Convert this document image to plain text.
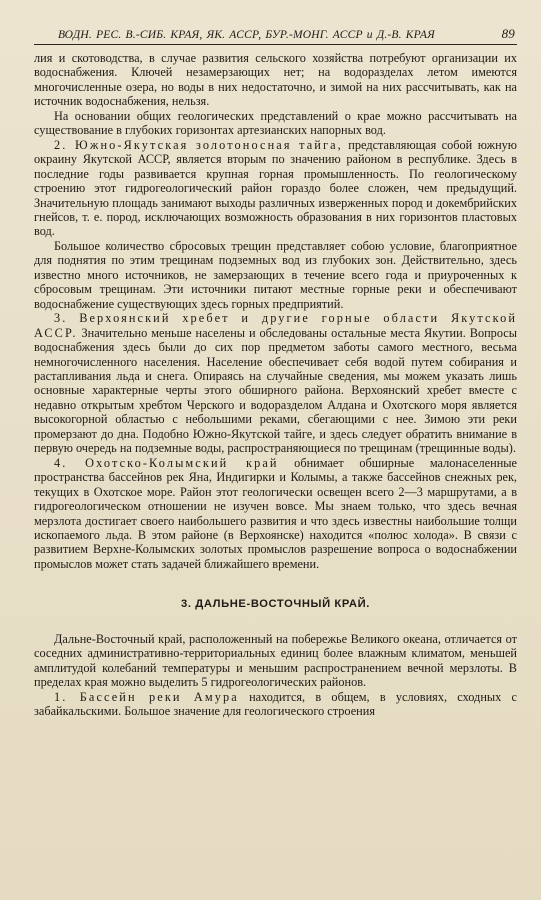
ВОДН. РЕС. В.-СИБ. КРАЯ, ЯК. АССР, БУР.-МОНГ. АССР и Д.-В. КРАЯ	89

лия и скотоводства, в случае развития сельского хозяйства потребуют организации их водоснабжения. Ключей незамерзающих нет; на водоразделах летом имеются многочисленные озера, но воды в них недостаточно, и зимой на них рассчитывать, как на источник водоснабжения, нельзя.

На основании общих геологических представлений о крае можно рассчитывать на существование в глубоких горизонтах артезианских напорных вод.

2. Южно-Якутская золотоносная тайга, представляющая собой южную окраину Якутской АССР, является вторым по значению районом в республике. Здесь в последние годы развивается крупная горная промышленность. По геологическому строению этот гидрогеологический район гораздо более сложен, чем предыдущий. Значительную площадь занимают выходы различных изверженных пород и докембрийских гнейсов, т. е. пород, исключающих возможность образования в них горизонтов пластовых вод.

Большое количество сбросовых трещин представляет собою условие, благоприятное для поднятия по этим трещинам подземных вод из глубоких зон. Действительно, здесь известно много источников, не замерзающих в течение всего года и приуроченных к сбросовым трещинам. Эти источники питают местные горные реки и обеспечивают водоснабжение существующих здесь горных предприятий.

3. Верхоянский хребет и другие горные области Якутской АССР. Значительно меньше населены и обследованы остальные места Якутии. Вопросы водоснабжения здесь были до сих пор предметом заботы самого местного, весьма немногочисленного населения. Население обеспечивает себя водой путем собирания и растапливания льда и снега. Опираясь на случайные сведения, мы можем указать лишь основные характерные черты этого обширного района. Верхоянский хребет вместе с недавно открытым хребтом Черского и водоразделом Алдана и Охотского моря является высокогорной областью с небольшими реками, сбегающими с нее. Зимою эти реки промерзают до дна. Подобно Южно-Якутской тайге, и здесь следует обратить внимание в первую очередь на подземные воды, распространяющиеся по трещинам (трещинные воды).

4. Охотско-Колымский край обнимает обширные малонаселенные пространства бассейнов рек Яна, Индигирки и Колымы, а также бассейнов снежных рек, текущих в Охотское море. Район этот геологически освещен всего 2—3 маршрутами, а в гидрогеологическом отношении не изучен вовсе. Мы знаем только, что здесь вечная мерзлота достигает своего наибольшего развития и что здесь известны наибольшие толщи ископаемого льда. В этом районе (в Верхоянске) находится «полюс холода». В связи с развитием Верхне-Колымских золотых промыслов разрешение вопроса о водоснабжении промыслов может стать задачей ближайшего времени.

3. ДАЛЬНЕ-ВОСТОЧНЫЙ КРАЙ.

Дальне-Восточный край, расположенный на побережье Великого океана, отличается от соседних административно-территориальных единиц более влажным климатом, меньшей амплитудой колебаний температуры и меньшим распространением вечной мерзлоты. В пределах края можно выделить 5 гидрогеологических районов.

1. Бассейн реки Амура находится, в общем, в условиях, сходных с забайкальскими. Большое значение для геологического строения
